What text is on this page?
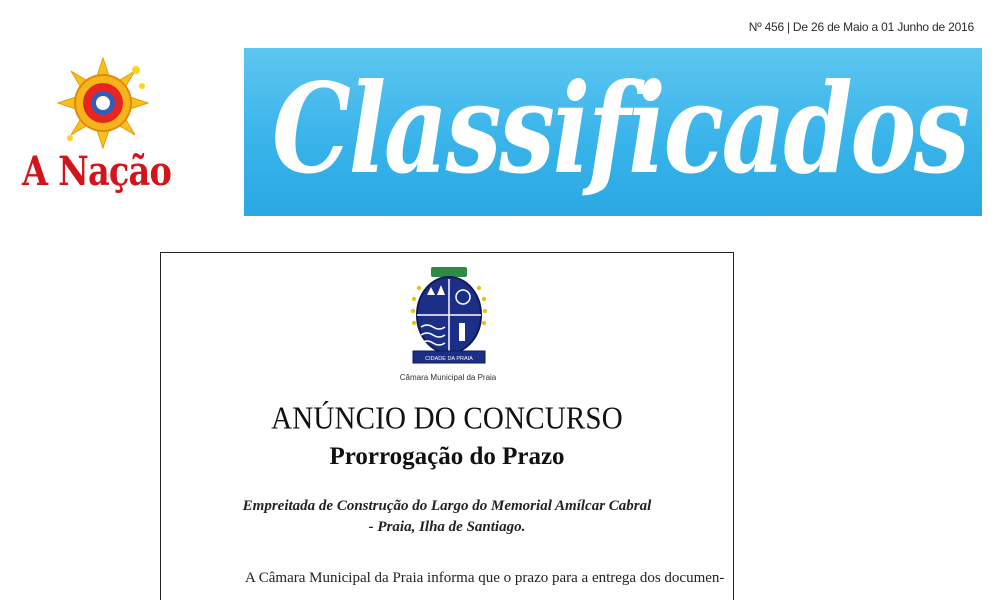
Nº 456 | De 26 de Maio a 01 Junho de 2016
Classificados
A Nação
CIDADE DA PRAIA
Câmara Municipal da Praia
ANÚNCIO DO CONCURSO
Prorrogação do Prazo
Empreitada de Construção do Largo do Memorial Amílcar Cabral
- Praia, Ilha de Santiago.
A Câmara Municipal da Praia informa que o prazo para a entrega dos documen-
